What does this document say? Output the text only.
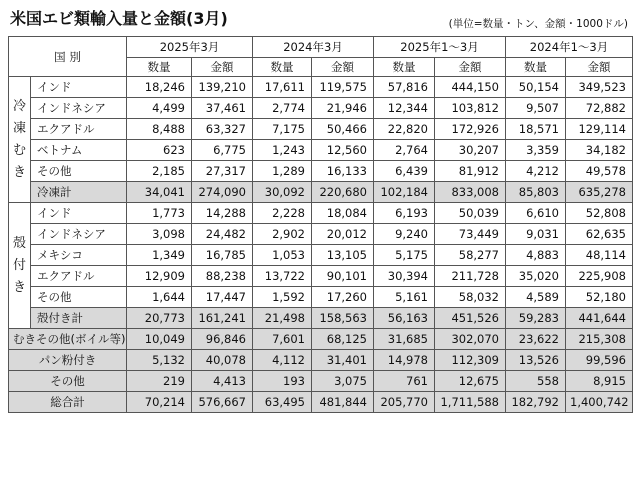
米国エビ類輸入量と金額(3月)	(単位=数量・トン、金額・1000ドル)
国 別		2025年3月		2024年3月		2025年1～3月		2024年1～3月	
		数量	金額	数量	金額	数量	金額	数量	金額

冷
凍
む
き	インド	18,246	139,210	17,611	119,575	57,816	444,150	50,154	349,523
	インドネシア	4,499	37,461	2,774	21,946	12,344	103,812	9,507	72,882
	エクアドル	8,488	63,327	7,175	50,466	22,820	172,926	18,571	129,114
	ベトナム	623	6,775	1,243	12,560	2,764	30,207	3,359	34,182
	その他	2,185	27,317	1,289	16,133	6,439	81,912	4,212	49,578
	冷凍計	34,041	274,090	30,092	220,680	102,184	833,008	85,803	635,278

殻
付
き	インド	1,773	14,288	2,228	18,084	6,193	50,039	6,610	52,808
	インドネシア	3,098	24,482	2,902	20,012	9,240	73,449	9,031	62,635
	メキシコ	1,349	16,785	1,053	13,105	5,175	58,277	4,883	48,114
	エクアドル	12,909	88,238	13,722	90,101	30,394	211,728	35,020	225,908
	その他	1,644	17,447	1,592	17,260	5,161	58,032	4,589	52,180
	殻付き計	20,773	161,241	21,498	158,563	56,163	451,526	59,283	441,644
むきその他(ボイル等)		10,049	96,846	7,601	68,125	31,685	302,070	23,622	215,308
パン粉付き		5,132	40,078	4,112	31,401	14,978	112,309	13,526	99,596
その他		219	4,413	193	3,075	761	12,675	558	8,915
総合計		70,214	576,667	63,495	481,844	205,770	1,711,588	182,792	1,400,742
